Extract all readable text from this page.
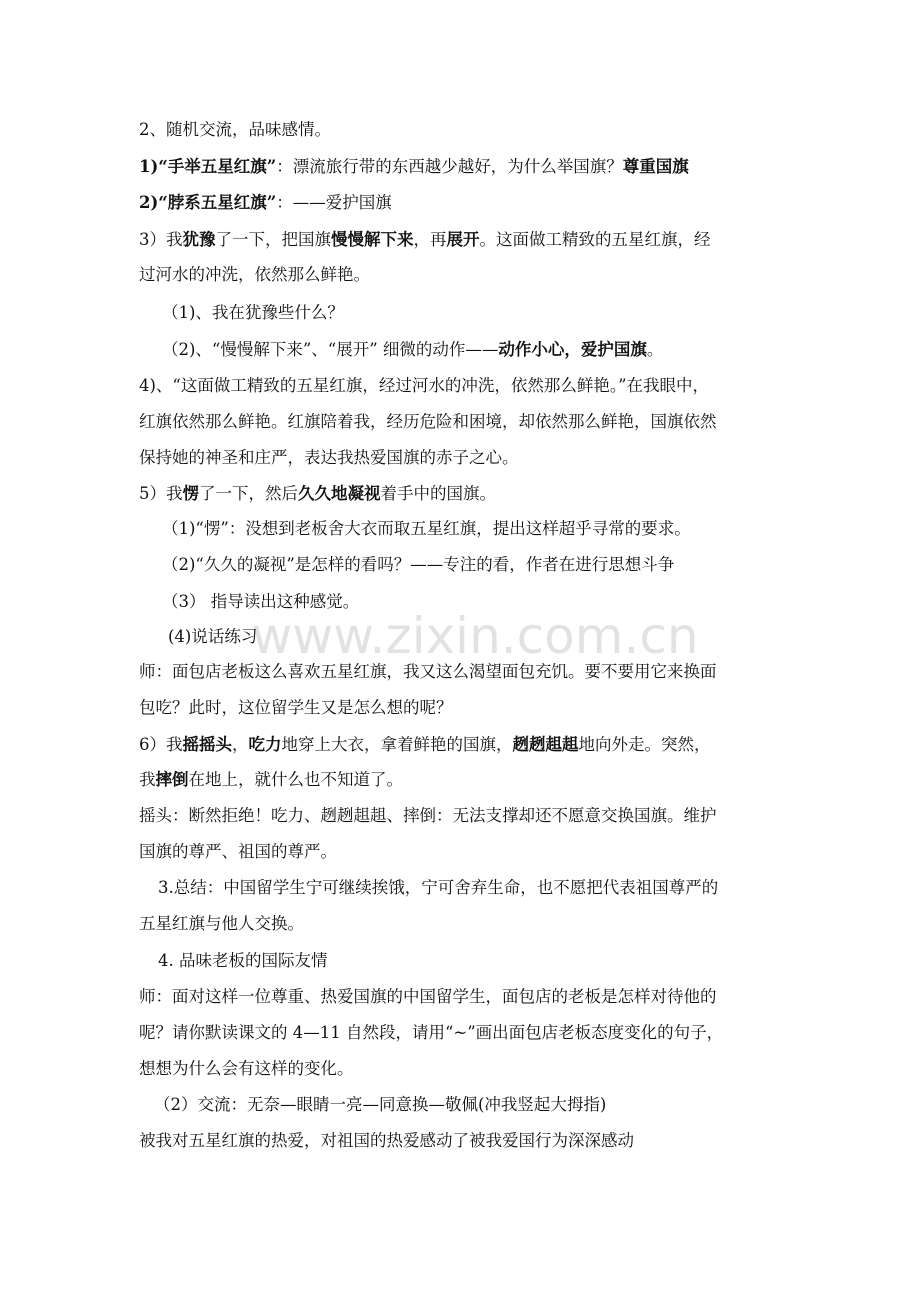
www.zixin.com.cn
2、随机交流，品味感情。
1)“手举五星红旗”：漂流旅行带的东西越少越好，为什么举国旗？尊重国旗
2)“脖系五星红旗”：——爱护国旗
3）我犹豫了一下，把国旗慢慢解下来，再展开。这面做工精致的五星红旗，经
过河水的冲洗，依然那么鲜艳。
（1)、我在犹豫些什么？
（2)、“慢慢解下来”、“展开” 细微的动作——动作小心，爱护国旗。
4)、“这面做工精致的五星红旗，经过河水的冲洗，依然那么鲜艳。”在我眼中，
红旗依然那么鲜艳。红旗陪着我，经历危险和困境，却依然那么鲜艳，国旗依然
保持她的神圣和庄严，表达我热爱国旗的赤子之心。
5）我愣了一下，然后久久地凝视着手中的国旗。
（1)“愣”：没想到老板舍大衣而取五星红旗，提出这样超乎寻常的要求。
（2)“久久的凝视”是怎样的看吗？——专注的看，作者在进行思想斗争
（3） 指导读出这种感觉。
(4)说话练习
师：面包店老板这么喜欢五星红旗，我又这么渴望面包充饥。要不要用它来换面
包吃？此时，这位留学生又是怎么想的呢？
6）我摇摇头，吃力地穿上大衣，拿着鲜艳的国旗，趔趔趄趄地向外走。突然，
我摔倒在地上，就什么也不知道了。
摇头：断然拒绝！吃力、趔趔趄趄、摔倒：无法支撑却还不愿意交换国旗。维护
国旗的尊严、祖国的尊严。
3.总结：中国留学生宁可继续挨饿，宁可舍弃生命，也不愿把代表祖国尊严的
五星红旗与他人交换。
4. 品味老板的国际友情
师：面对这样一位尊重、热爱国旗的中国留学生，面包店的老板是怎样对待他的
呢？请你默读课文的 4—11 自然段，请用“~”画出面包店老板态度变化的句子，
想想为什么会有这样的变化。
（2）交流：无奈—眼睛一亮—同意换—敬佩(冲我竖起大拇指)
被我对五星红旗的热爱，对祖国的热爱感动了被我爱国行为深深感动
